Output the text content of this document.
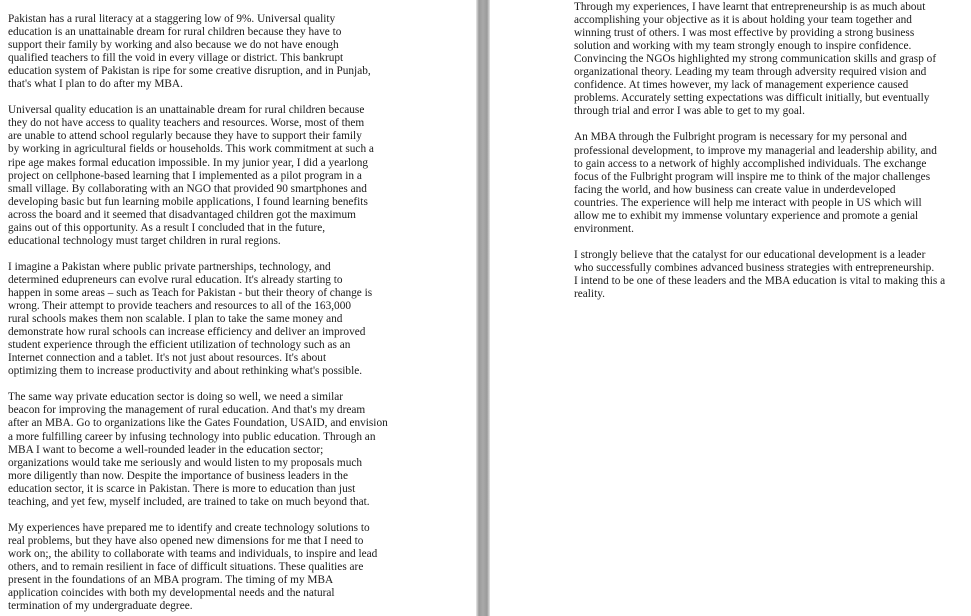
Pakistan has a rural literacy at a staggering low of 9%. Universal quality
education is an unattainable dream for rural children because they have to
support their family by working and also because we do not have enough
qualified teachers to fill the void in every village or district. This bankrupt
education system of Pakistan is ripe for some creative disruption, and in Punjab,
that's what I plan to do after my MBA.

Universal quality education is an unattainable dream for rural children because
they do not have access to quality teachers and resources. Worse, most of them
are unable to attend school regularly because they have to support their family
by working in agricultural fields or households. This work commitment at such a
ripe age makes formal education impossible. In my junior year, I did a yearlong
project on cellphone-based learning that I implemented as a pilot program in a
small village. By collaborating with an NGO that provided 90 smartphones and
developing basic but fun learning mobile applications, I found learning benefits
across the board and it seemed that disadvantaged children got the maximum
gains out of this opportunity. As a result I concluded that in the future,
educational technology must target children in rural regions.

I imagine a Pakistan where public private partnerships, technology, and
determined edupreneurs can evolve rural education. It's already starting to
happen in some areas – such as Teach for Pakistan - but their theory of change is
wrong. Their attempt to provide teachers and resources to all of the 163,000
rural schools makes them non scalable. I plan to take the same money and
demonstrate how rural schools can increase efficiency and deliver an improved
student experience through the efficient utilization of technology such as an
Internet connection and a tablet. It's not just about resources. It's about
optimizing them to increase productivity and about rethinking what's possible.

The same way private education sector is doing so well, we need a similar
beacon for improving the management of rural education. And that's my dream
after an MBA. Go to organizations like the Gates Foundation, USAID, and envision
a more fulfilling career by infusing technology into public education. Through an
MBA I want to become a well-rounded leader in the education sector;
organizations would take me seriously and would listen to my proposals much
more diligently than now. Despite the importance of business leaders in the
education sector, it is scarce in Pakistan. There is more to education than just
teaching, and yet few, myself included, are trained to take on much beyond that.

My experiences have prepared me to identify and create technology solutions to
real problems, but they have also opened new dimensions for me that I need to
work on;, the ability to collaborate with teams and individuals, to inspire and lead
others, and to remain resilient in face of difficult situations. These qualities are
present in the foundations of an MBA program. The timing of my MBA
application coincides with both my developmental needs and the natural
termination of my undergraduate degree.

Through my experiences, I have learnt that entrepreneurship is as much about
accomplishing your objective as it is about holding your team together and
winning trust of others. I was most effective by providing a strong business
solution and working with my team strongly enough to inspire confidence.
Convincing the NGOs highlighted my strong communication skills and grasp of
organizational theory. Leading my team through adversity required vision and
confidence. At times however, my lack of management experience caused
problems. Accurately setting expectations was difficult initially, but eventually
through trial and error I was able to get to my goal.

An MBA through the Fulbright program is necessary for my personal and
professional development, to improve my managerial and leadership ability, and
to gain access to a network of highly accomplished individuals. The exchange
focus of the Fulbright program will inspire me to think of the major challenges
facing the world, and how business can create value in underdeveloped
countries. The experience will help me interact with people in US which will
allow me to exhibit my immense voluntary experience and promote a genial
environment.

I strongly believe that the catalyst for our educational development is a leader
who successfully combines advanced business strategies with entrepreneurship.
I intend to be one of these leaders and the MBA education is vital to making this a
reality.
